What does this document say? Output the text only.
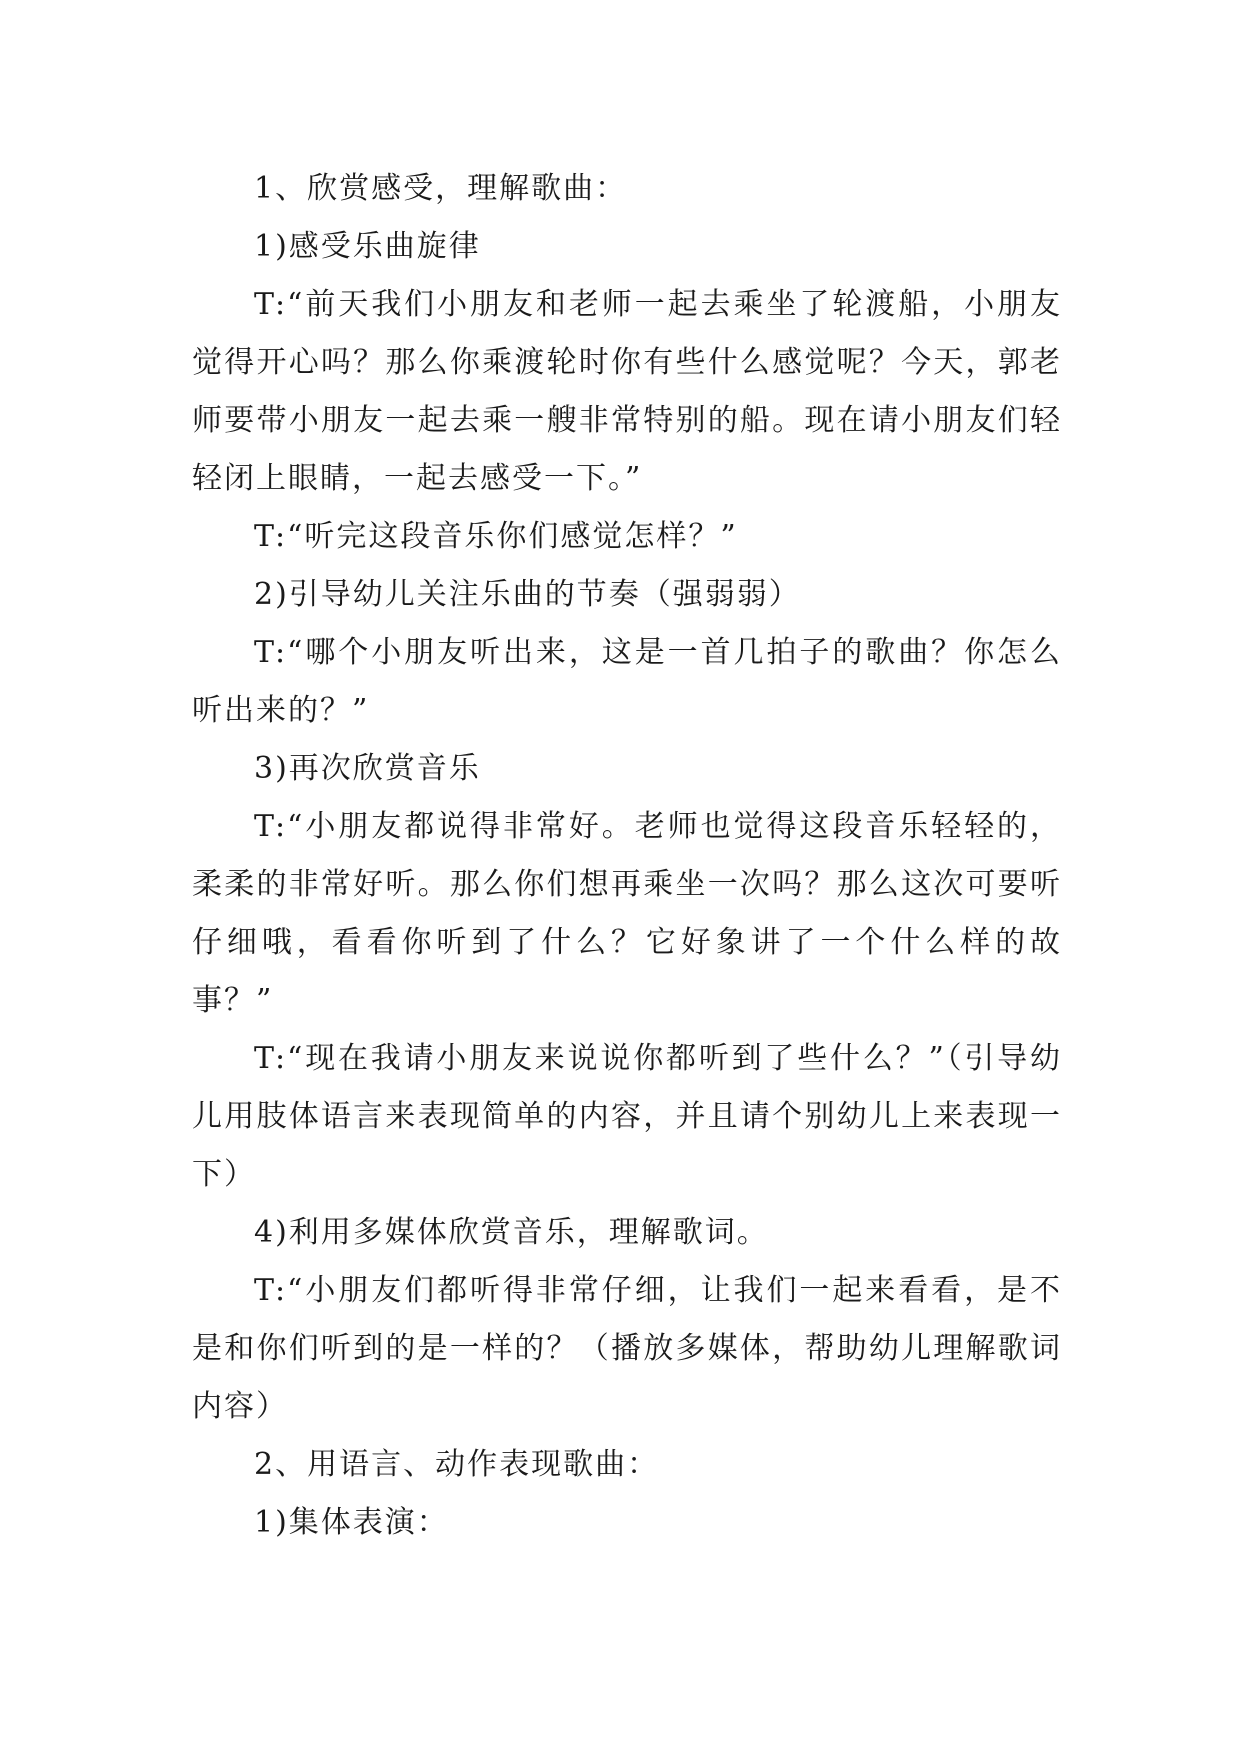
1、欣赏感受，理解歌曲：

1)感受乐曲旋律

T:“前天我们小朋友和老师一起去乘坐了轮渡船，小朋友觉得开心吗？那么你乘渡轮时你有些什么感觉呢？今天，郭老师要带小朋友一起去乘一艘非常特别的船。现在请小朋友们轻轻闭上眼睛，一起去感受一下。”

T:“听完这段音乐你们感觉怎样？”

2)引导幼儿关注乐曲的节奏（强弱弱）

T:“哪个小朋友听出来，这是一首几拍子的歌曲？你怎么听出来的？”

3)再次欣赏音乐

T:“小朋友都说得非常好。老师也觉得这段音乐轻轻的，柔柔的非常好听。那么你们想再乘坐一次吗？那么这次可要听仔细哦，看看你听到了什么？它好象讲了一个什么样的故事？”

T:“现在我请小朋友来说说你都听到了些什么？”（引导幼儿用肢体语言来表现简单的内容，并且请个别幼儿上来表现一下）

4)利用多媒体欣赏音乐，理解歌词。

T:“小朋友们都听得非常仔细，让我们一起来看看，是不是和你们听到的是一样的？（播放多媒体，帮助幼儿理解歌词内容）

2、用语言、动作表现歌曲：

1)集体表演：
